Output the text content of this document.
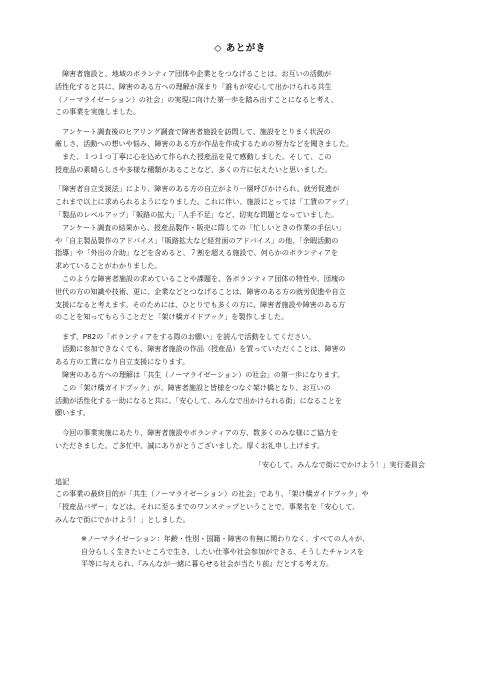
◇ あとがき

　障害者施設と、地域のボランティア団体や企業とをつなげることは、お互いの活動が
活性化すると共に、障害のある方への理解が深まり「誰もが安心して出かけられる共生
（ノーマライゼーション）の社会」の実現に向けた第一歩を踏み出すことになると考え、
この事業を実施しました。

　アンケート調査後のヒアリング調査で障害者施設を訪問して、施設をとりまく状況の
厳しさ、活動への想いや悩み、障害のある方が作品を作成するための努力などを聞きました。
　また、１つ１つ丁寧に心を込めて作られた授産品を見て感動しました。そして、この
授産品の素晴らしさや多様な種類があることなど、多くの方に伝えたいと思いました。

「障害者自立支援法」により、障害のある方の自立がより一層呼びかけられ、就労促進が
これまで以上に求められるようになりました。これに伴い、施設にとっては「工賃のアップ」
「製品のレベルアップ」「販路の拡大」「人手不足」など、切実な問題となっていました。
　アンケート調査の結果から、授産品製作・販売に際しての「忙しいときの作業の手伝い」
や「自主製品製作のアドバイス」「販路拡大など経営面のアドバイス」の他、「余暇活動の
指導」や「外出の介助」などを含めると、７割を超える施設で、何らかのボランティアを
求めていることがわかりました。
　このような障害者施設の求めていることや課題を、各ボランティア団体の特性や、団塊の
世代の方の知識や技術、更に、企業などとつなげることは、障害のある方の就労促進や自立
支援になると考えます。そのためには、ひとりでも多くの方に、障害者施設や障害のある方
のことを知ってもらうことだと「架け橋ガイドブック」を製作しました。

　まず、P82の「ボランティアをする際のお願い」を読んで活動をしてください。
　活動に参加できなくても、障害者施設の作品（授産品）を買っていただくことは、障害の
ある方の工賃になり自立支援になります。
　障害のある方への理解は「共生（ノーマライゼーション）の社会」の第一歩になります。
　この「架け橋ガイドブック」が、障害者施設と皆様をつなぐ架け橋となり、お互いの
活動が活性化する一助になると共に、「安心して、みんなで出かけられる街」になることを
願います。

　今回の事業実施にあたり、障害者施設やボランティアの方、数多くのみな様にご協力を
いただきました。ご多忙中、誠にありがとうございました。厚くお礼申し上げます。

「安心して、みんなで街にでかけよう！」実行委員会
追記
この事業の最終目的が「共生（ノーマライゼーション）の社会」であり、「架け橋ガイドブック」や
「授産品バザー」などは、それに至るまでのワンステップということで、事業名を「安心して、
みんなで街にでかけよう！」としました。
※ノーマライゼーション：年齢・性別・国籍・障害の有無に関わりなく、すべての人々が、
自分らしく生きたいところで生き、したい仕事や社会参加ができる、そうしたチャンスを
平等に与えられ、『みんなが一緒に暮らせる社会が当たり前』だとする考え方。
